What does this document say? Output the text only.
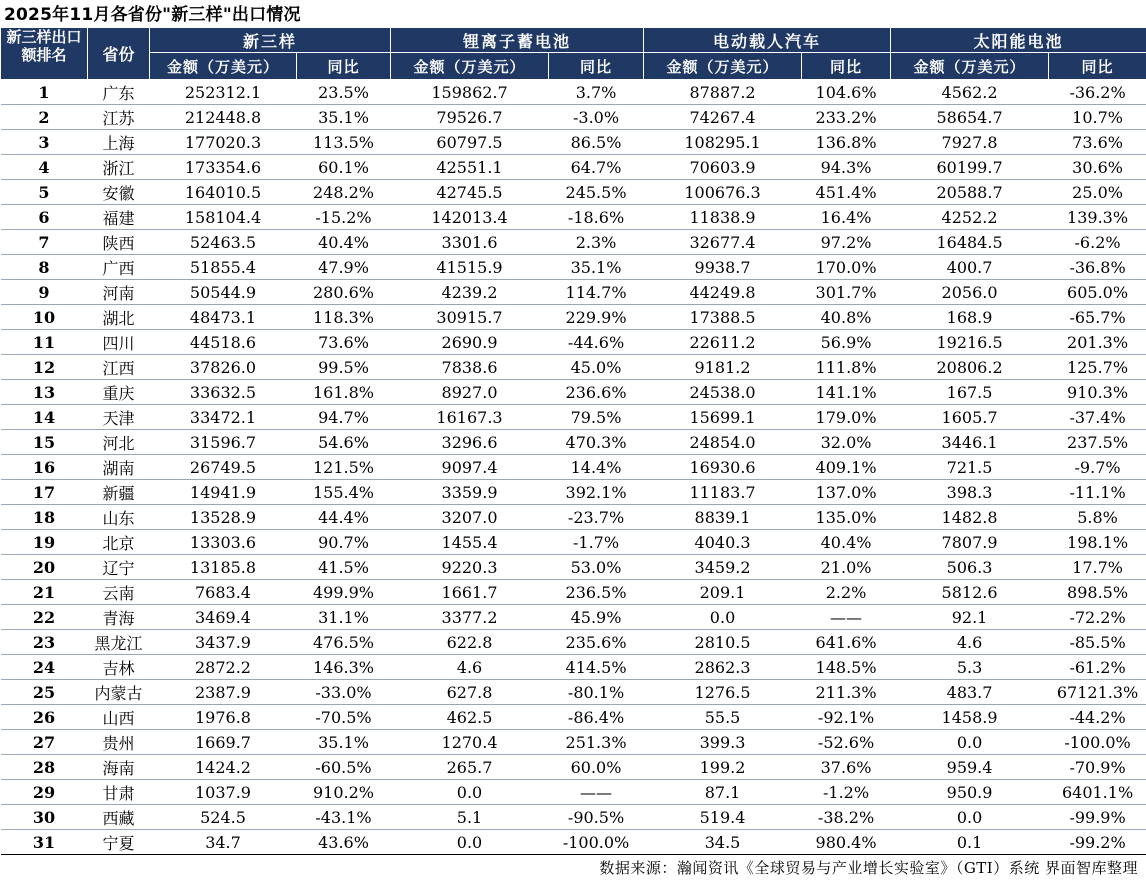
2025年11月各省份"新三样"出口情况
新三样出口额排名	省份	新三样		锂离子蓄电池		电动载人汽车		太阳能电池	
		金额（万美元）	同比	金额（万美元）	同比	金额（万美元）	同比	金额（万美元）	同比
1	广东	252312.1	23.5%	159862.7	3.7%	87887.2	104.6%	4562.2	-36.2%
2	江苏	212448.8	35.1%	79526.7	-3.0%	74267.4	233.2%	58654.7	10.7%
3	上海	177020.3	113.5%	60797.5	86.5%	108295.1	136.8%	7927.8	73.6%
4	浙江	173354.6	60.1%	42551.1	64.7%	70603.9	94.3%	60199.7	30.6%
5	安徽	164010.5	248.2%	42745.5	245.5%	100676.3	451.4%	20588.7	25.0%
6	福建	158104.4	-15.2%	142013.4	-18.6%	11838.9	16.4%	4252.2	139.3%
7	陕西	52463.5	40.4%	3301.6	2.3%	32677.4	97.2%	16484.5	-6.2%
8	广西	51855.4	47.9%	41515.9	35.1%	9938.7	170.0%	400.7	-36.8%
9	河南	50544.9	280.6%	4239.2	114.7%	44249.8	301.7%	2056.0	605.0%
10	湖北	48473.1	118.3%	30915.7	229.9%	17388.5	40.8%	168.9	-65.7%
11	四川	44518.6	73.6%	2690.9	-44.6%	22611.2	56.9%	19216.5	201.3%
12	江西	37826.0	99.5%	7838.6	45.0%	9181.2	111.8%	20806.2	125.7%
13	重庆	33632.5	161.8%	8927.0	236.6%	24538.0	141.1%	167.5	910.3%
14	天津	33472.1	94.7%	16167.3	79.5%	15699.1	179.0%	1605.7	-37.4%
15	河北	31596.7	54.6%	3296.6	470.3%	24854.0	32.0%	3446.1	237.5%
16	湖南	26749.5	121.5%	9097.4	14.4%	16930.6	409.1%	721.5	-9.7%
17	新疆	14941.9	155.4%	3359.9	392.1%	11183.7	137.0%	398.3	-11.1%
18	山东	13528.9	44.4%	3207.0	-23.7%	8839.1	135.0%	1482.8	5.8%
19	北京	13303.6	90.7%	1455.4	-1.7%	4040.3	40.4%	7807.9	198.1%
20	辽宁	13185.8	41.5%	9220.3	53.0%	3459.2	21.0%	506.3	17.7%
21	云南	7683.4	499.9%	1661.7	236.5%	209.1	2.2%	5812.6	898.5%
22	青海	3469.4	31.1%	3377.2	45.9%	0.0	——	92.1	-72.2%
23	黑龙江	3437.9	476.5%	622.8	235.6%	2810.5	641.6%	4.6	-85.5%
24	吉林	2872.2	146.3%	4.6	414.5%	2862.3	148.5%	5.3	-61.2%
25	内蒙古	2387.9	-33.0%	627.8	-80.1%	1276.5	211.3%	483.7	67121.3%
26	山西	1976.8	-70.5%	462.5	-86.4%	55.5	-92.1%	1458.9	-44.2%
27	贵州	1669.7	35.1%	1270.4	251.3%	399.3	-52.6%	0.0	-100.0%
28	海南	1424.2	-60.5%	265.7	60.0%	199.2	37.6%	959.4	-70.9%
29	甘肃	1037.9	910.2%	0.0	——	87.1	-1.2%	950.9	6401.1%
30	西藏	524.5	-43.1%	5.1	-90.5%	519.4	-38.2%	0.0	-99.9%
31	宁夏	34.7	43.6%	0.0	-100.0%	34.5	980.4%	0.1	-99.2%
数据来源：瀚闻资讯《全球贸易与产业增长实验室》（GTI）系统 界面智库整理
